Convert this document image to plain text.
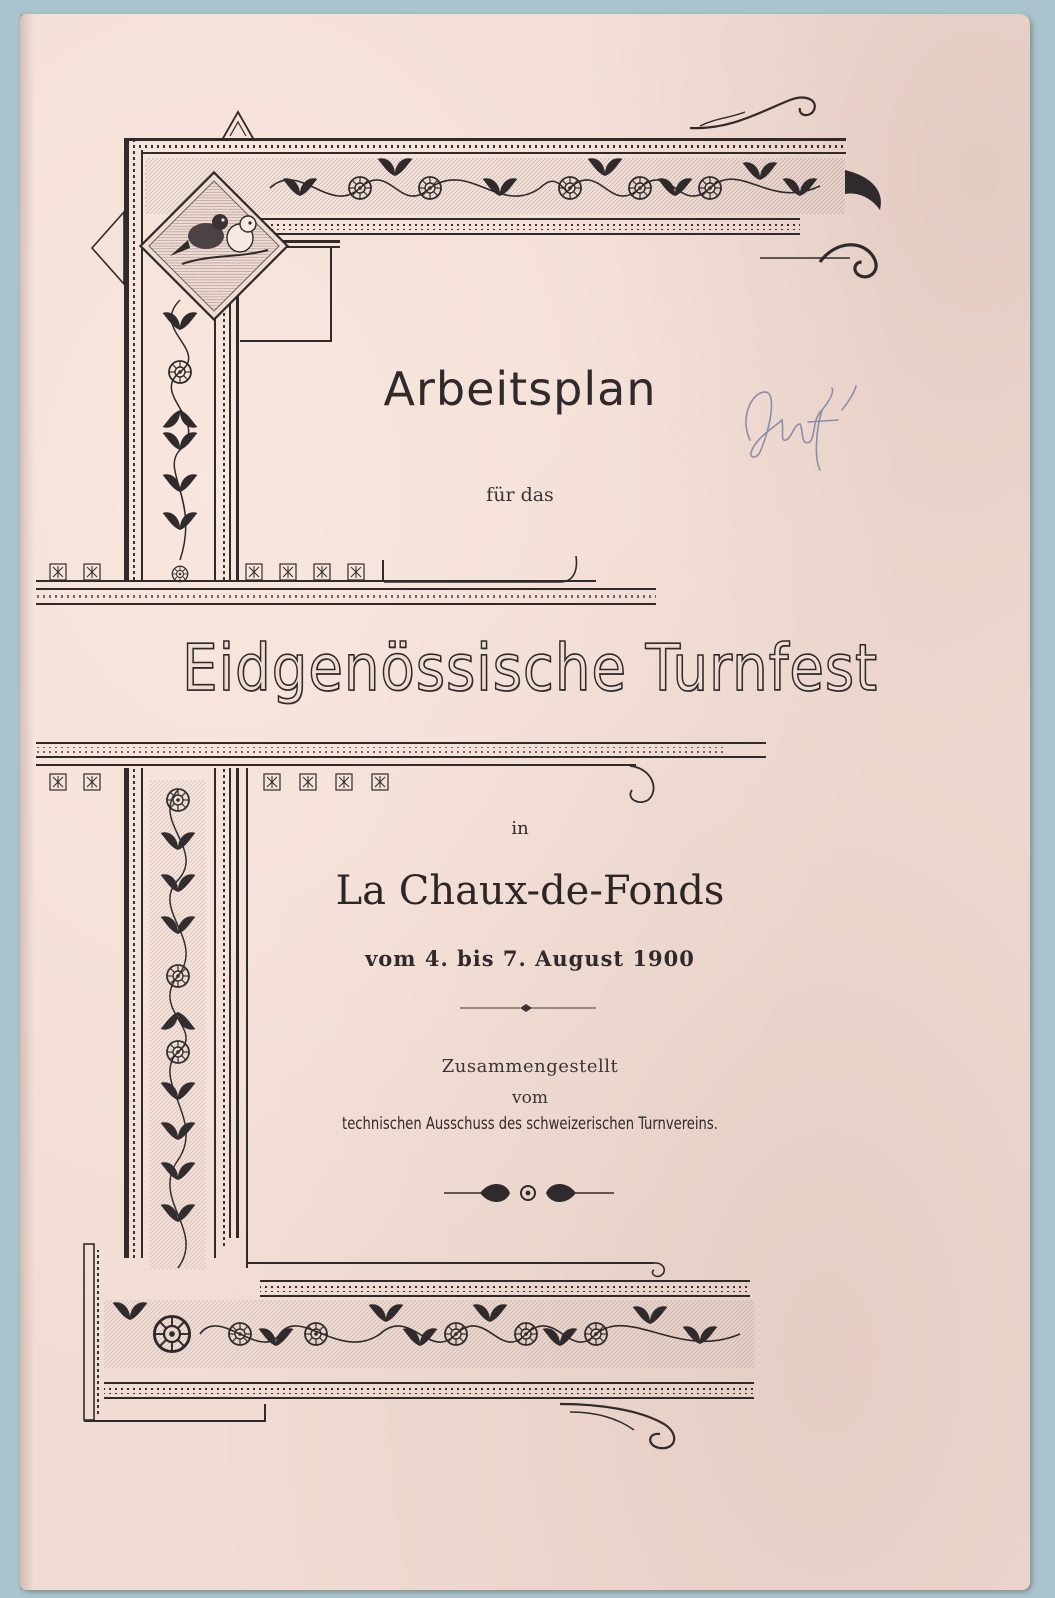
Arbeitsplan
für das
Eidgenössische Turnfest
in
La Chaux-de-Fonds
vom 4. bis 7. August 1900
Zusammengestellt
vom
technischen Ausschuss des schweizerischen Turnvereins.
